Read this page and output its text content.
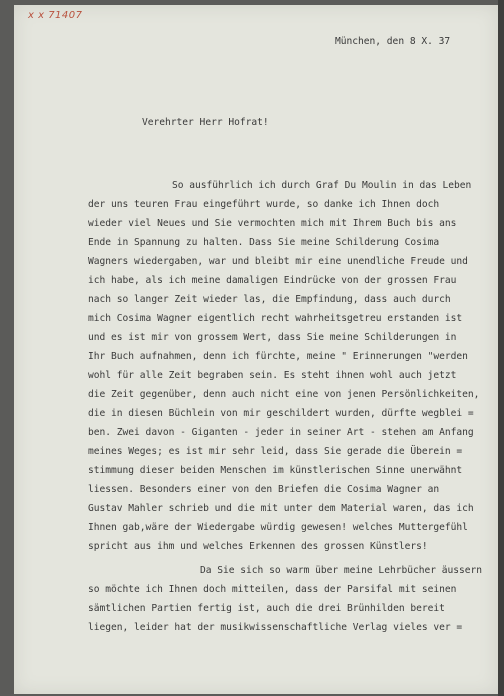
x x 71407
München, den 8 X. 37
Verehrter Herr Hofrat!
So ausführlich ich durch Graf Du Moulin in das Leben
der uns teuren Frau eingeführt wurde, so danke ich Ihnen doch
wieder viel Neues und Sie vermochten mich mit Ihrem Buch bis ans
Ende in Spannung zu halten. Dass Sie meine Schilderung Cosima
Wagners wiedergaben, war und bleibt mir eine unendliche Freude und
ich habe, als ich meine damaligen Eindrücke von der grossen Frau
nach so langer Zeit wieder las, die Empfindung, dass auch durch
mich Cosima Wagner eigentlich recht wahrheitsgetreu erstanden ist
und es ist mir von grossem Wert, dass Sie meine Schilderungen in
Ihr Buch aufnahmen, denn ich fürchte, meine " Erinnerungen "werden
wohl für alle Zeit begraben sein. Es steht ihnen wohl auch jetzt
die Zeit gegenüber, denn auch nicht eine von jenen Persönlichkeiten,
die in diesen Büchlein von mir geschildert wurden, dürfte wegblei =
ben. Zwei davon - Giganten - jeder in seiner Art - stehen am Anfang
meines Weges; es ist mir sehr leid, dass Sie gerade die Überein =
stimmung dieser beiden Menschen im künstlerischen Sinne unerwähnt
liessen. Besonders einer von den Briefen die Cosima Wagner an
Gustav Mahler schrieb und die mit unter dem Material waren, das ich
Ihnen gab,wäre der Wiedergabe würdig gewesen! welches Muttergefühl
spricht aus ihm und welches Erkennen des grossen Künstlers!
Da Sie sich so warm über meine Lehrbücher äussern
so möchte ich Ihnen doch mitteilen, dass der Parsifal mit seinen
sämtlichen Partien fertig ist, auch die drei Brünhilden bereit
liegen, leider hat der musikwissenschaftliche Verlag vieles ver =
